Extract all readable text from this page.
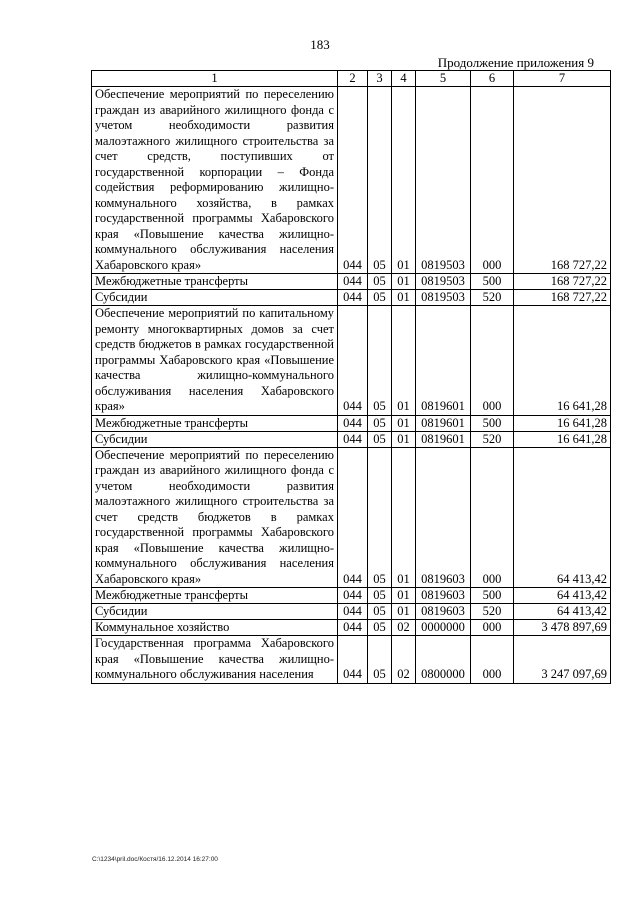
183
Продолжение приложения 9
1	2	3	4	5	6	7
Обеспечение мероприятий по переселению граждан из аварийного жилищного фонда с учетом необходимости развития малоэтажного жилищного строительства за счет средств, поступивших от государственной корпорации – Фонда содействия реформированию жилищно-коммунального хозяйства, в рамках государственной программы Хабаровского края «Повышение качества жилищно-коммунального обслуживания населения Хабаровского края»	044	05	01	0819503	000	168 727,22
Межбюджетные трансферты	044	05	01	0819503	500	168 727,22
Субсидии	044	05	01	0819503	520	168 727,22
Обеспечение мероприятий по капитальному ремонту многоквартирных домов за счет средств бюджетов в рамках государственной программы Хабаровского края «Повышение качества жилищно-коммунального обслуживания населения Хабаровского края»	044	05	01	0819601	000	16 641,28
Межбюджетные трансферты	044	05	01	0819601	500	16 641,28
Субсидии	044	05	01	0819601	520	16 641,28
Обеспечение мероприятий по переселению граждан из аварийного жилищного фонда с учетом необходимости развития малоэтажного жилищного строительства за счет средств бюджетов в рамках государственной программы Хабаровского края «Повышение качества жилищно-коммунального обслуживания населения Хабаровского края»	044	05	01	0819603	000	64 413,42
Межбюджетные трансферты	044	05	01	0819603	500	64 413,42
Субсидии	044	05	01	0819603	520	64 413,42
Коммунальное хозяйство	044	05	02	0000000	000	3 478 897,69
Государственная программа Хабаровского края «Повышение качества жилищно-коммунального обслуживания населения	044	05	02	0800000	000	3 247 097,69
C:\1234\pril.doc/Костя/16.12.2014 16:27:00
